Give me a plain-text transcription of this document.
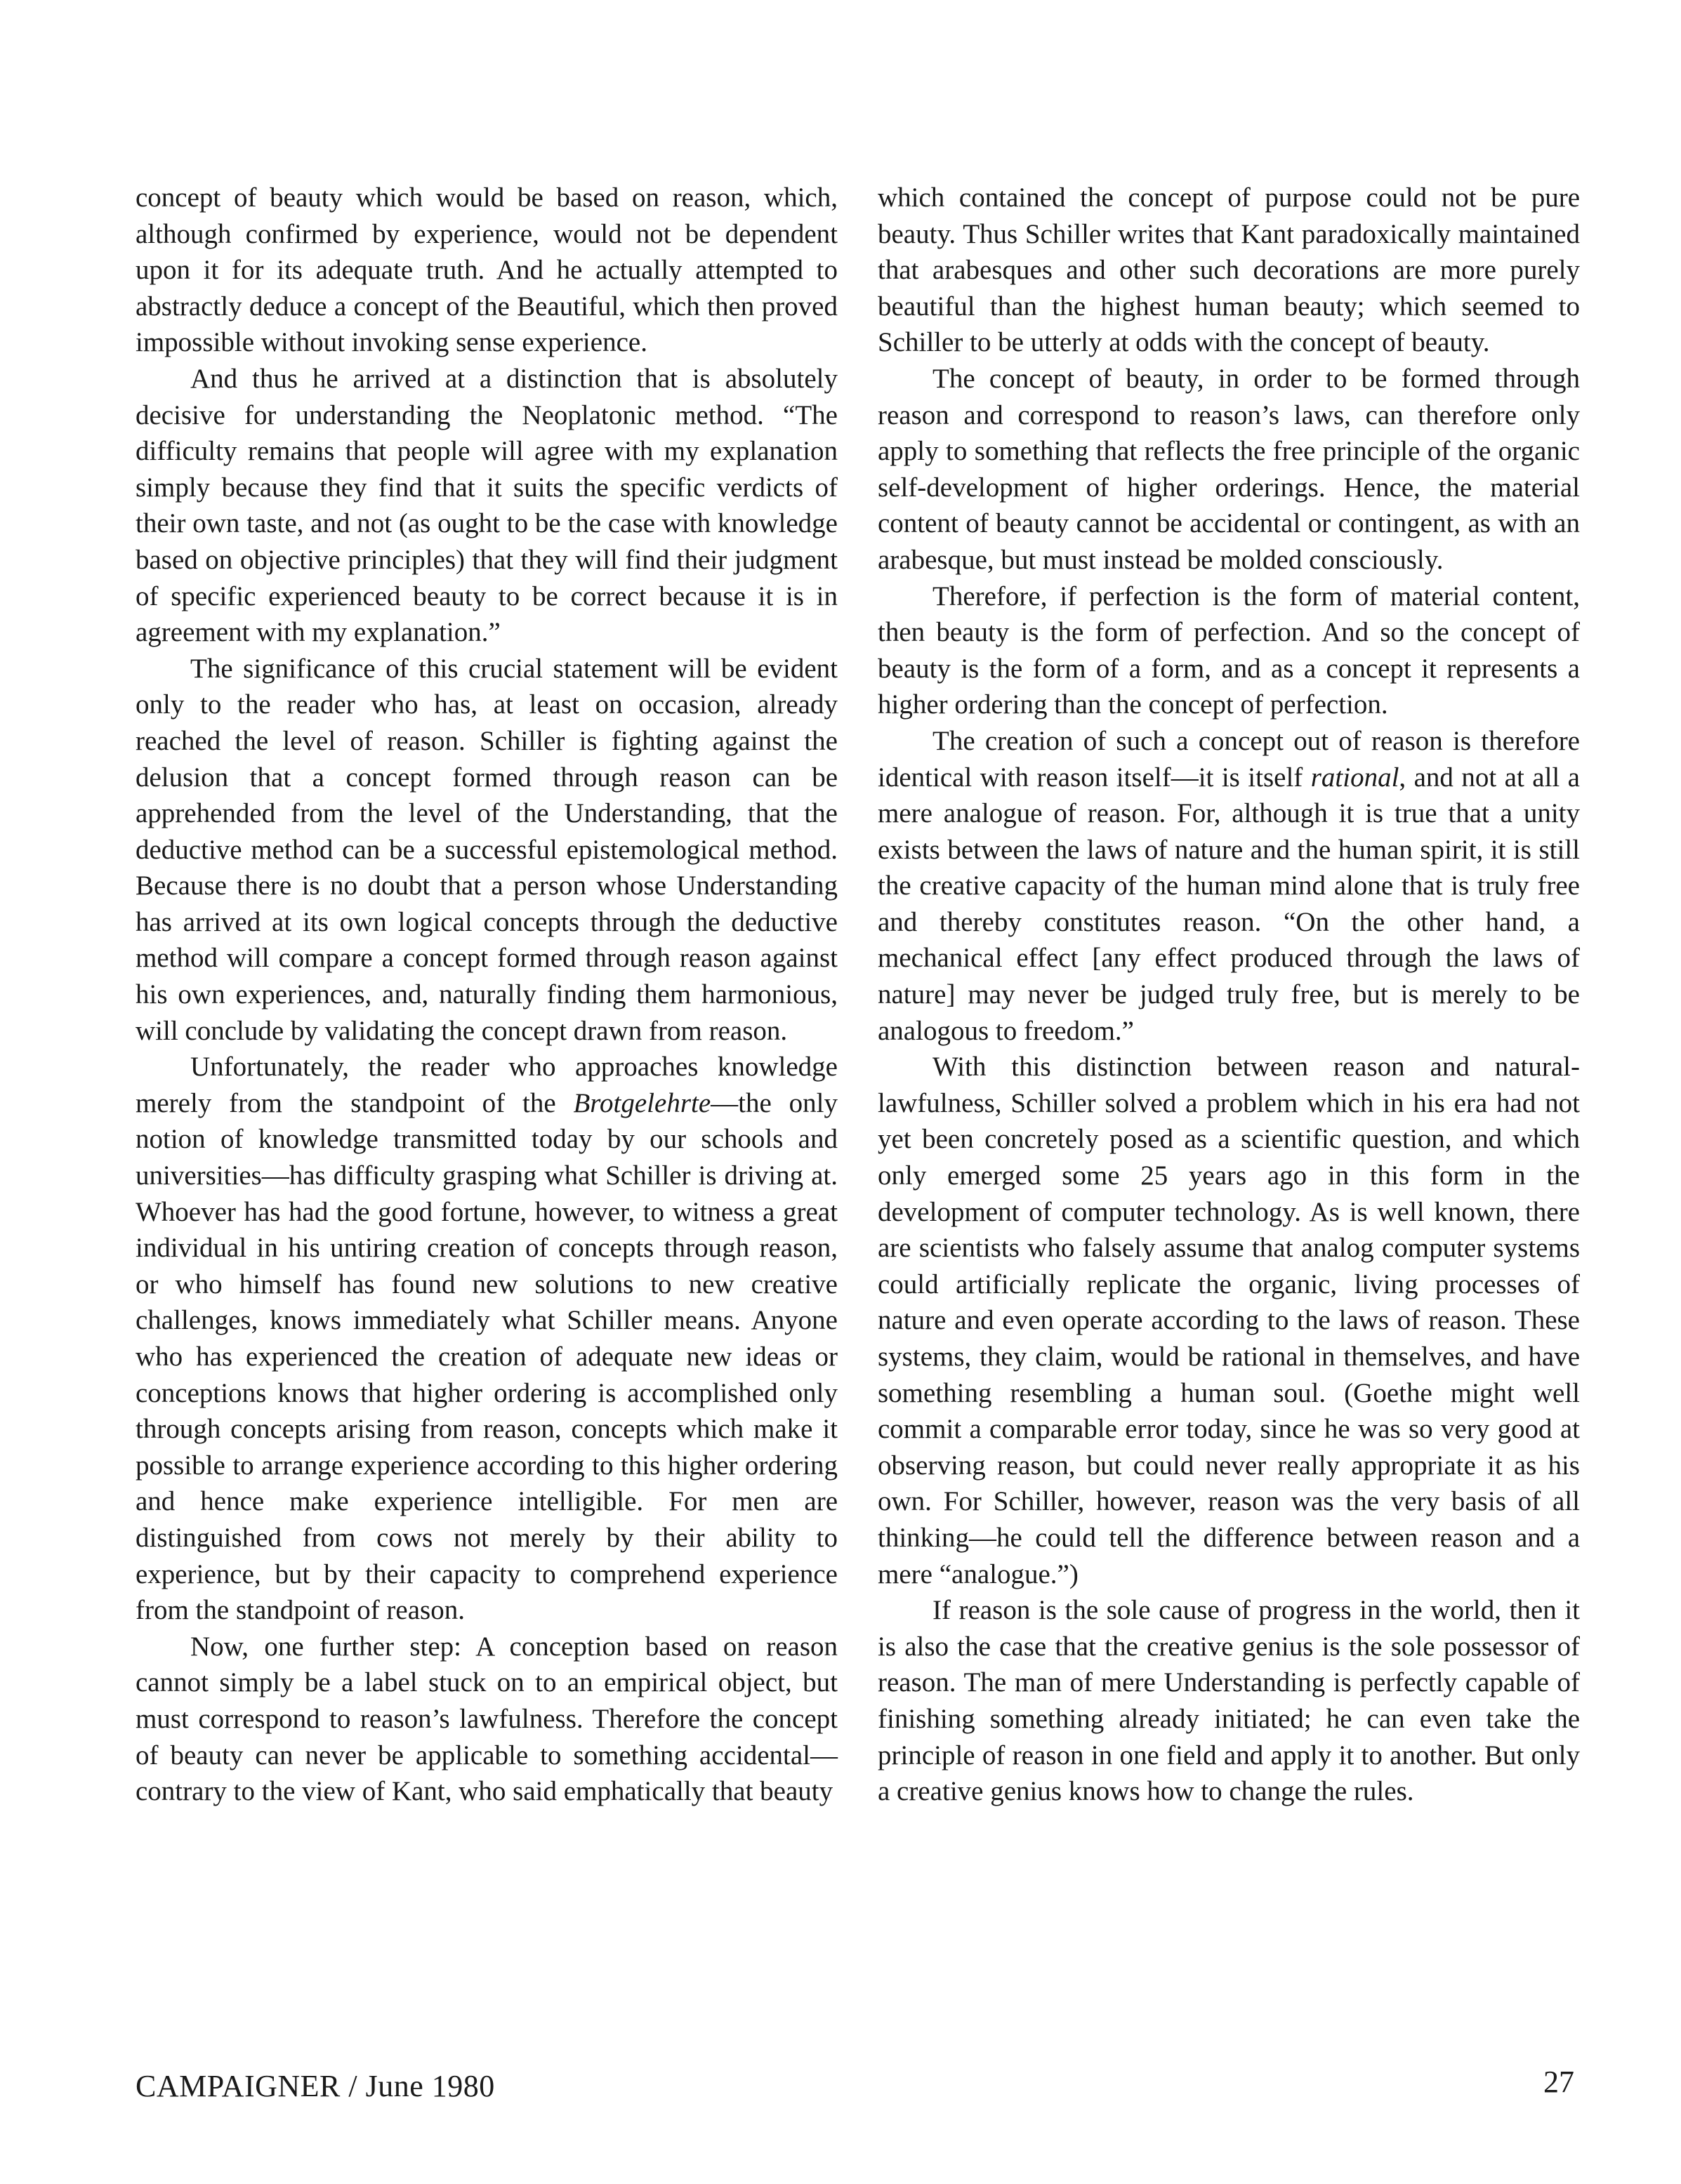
concept of beauty which would be based on reason, which, although confirmed by experience, would not be dependent upon it for its adequate truth. And he actually attempted to abstractly deduce a concept of the Beautiful, which then proved impossible without invoking sense experience.

And thus he arrived at a distinction that is absolutely decisive for understanding the Neoplatonic method. “The difficulty remains that people will agree with my explanation simply because they find that it suits the specific verdicts of their own taste, and not (as ought to be the case with knowledge based on objective principles) that they will find their judgment of specific experienced beauty to be correct because it is in agreement with my explanation.”

The significance of this crucial statement will be evident only to the reader who has, at least on occasion, already reached the level of reason. Schiller is fighting against the delusion that a concept formed through reason can be apprehended from the level of the Understanding, that the deductive method can be a successful epistemological method. Because there is no doubt that a person whose Understanding has arrived at its own logical concepts through the deductive method will compare a concept formed through reason against his own experiences, and, naturally finding them harmonious, will conclude by validating the concept drawn from reason.

Unfortunately, the reader who approaches knowledge merely from the standpoint of the Brotgelehrte—the only notion of knowledge transmitted today by our schools and universities—has difficulty grasping what Schiller is driving at. Whoever has had the good fortune, however, to witness a great individual in his untiring creation of concepts through reason, or who himself has found new solutions to new creative challenges, knows immediately what Schiller means. Anyone who has experienced the creation of adequate new ideas or conceptions knows that higher ordering is accomplished only through concepts arising from reason, concepts which make it possible to arrange experience according to this higher ordering and hence make experience intelligible. For men are distinguished from cows not merely by their ability to experience, but by their capacity to comprehend experience from the standpoint of reason.

Now, one further step: A conception based on reason cannot simply be a label stuck on to an empirical object, but must correspond to reason’s lawfulness. Therefore the concept of beauty can never be applicable to something accidental—contrary to the view of Kant, who said emphatically that beauty

which contained the concept of purpose could not be pure beauty. Thus Schiller writes that Kant paradoxically maintained that arabesques and other such decorations are more purely beautiful than the highest human beauty; which seemed to Schiller to be utterly at odds with the concept of beauty.

The concept of beauty, in order to be formed through reason and correspond to reason’s laws, can therefore only apply to something that reflects the free principle of the organic self-development of higher orderings. Hence, the material content of beauty cannot be accidental or contingent, as with an arabesque, but must instead be molded consciously.

Therefore, if perfection is the form of material content, then beauty is the form of perfection. And so the concept of beauty is the form of a form, and as a concept it represents a higher ordering than the concept of perfection.

The creation of such a concept out of reason is therefore identical with reason itself—it is itself rational, and not at all a mere analogue of reason. For, although it is true that a unity exists between the laws of nature and the human spirit, it is still the creative capacity of the human mind alone that is truly free and thereby constitutes reason. “On the other hand, a mechanical effect [any effect produced through the laws of nature] may never be judged truly free, but is merely to be analogous to freedom.”

With this distinction between reason and natural-lawfulness, Schiller solved a problem which in his era had not yet been concretely posed as a scientific question, and which only emerged some 25 years ago in this form in the development of computer technology. As is well known, there are scientists who falsely assume that analog computer systems could artificially replicate the organic, living processes of nature and even operate according to the laws of reason. These systems, they claim, would be rational in themselves, and have something resembling a human soul. (Goethe might well commit a comparable error today, since he was so very good at observing reason, but could never really appropriate it as his own. For Schiller, however, reason was the very basis of all thinking—he could tell the difference between reason and a mere “analogue.”)

If reason is the sole cause of progress in the world, then it is also the case that the creative genius is the sole possessor of reason. The man of mere Understanding is perfectly capable of finishing something already initiated; he can even take the principle of reason in one field and apply it to another. But only a creative genius knows how to change the rules.

CAMPAIGNER / June 1980	27
